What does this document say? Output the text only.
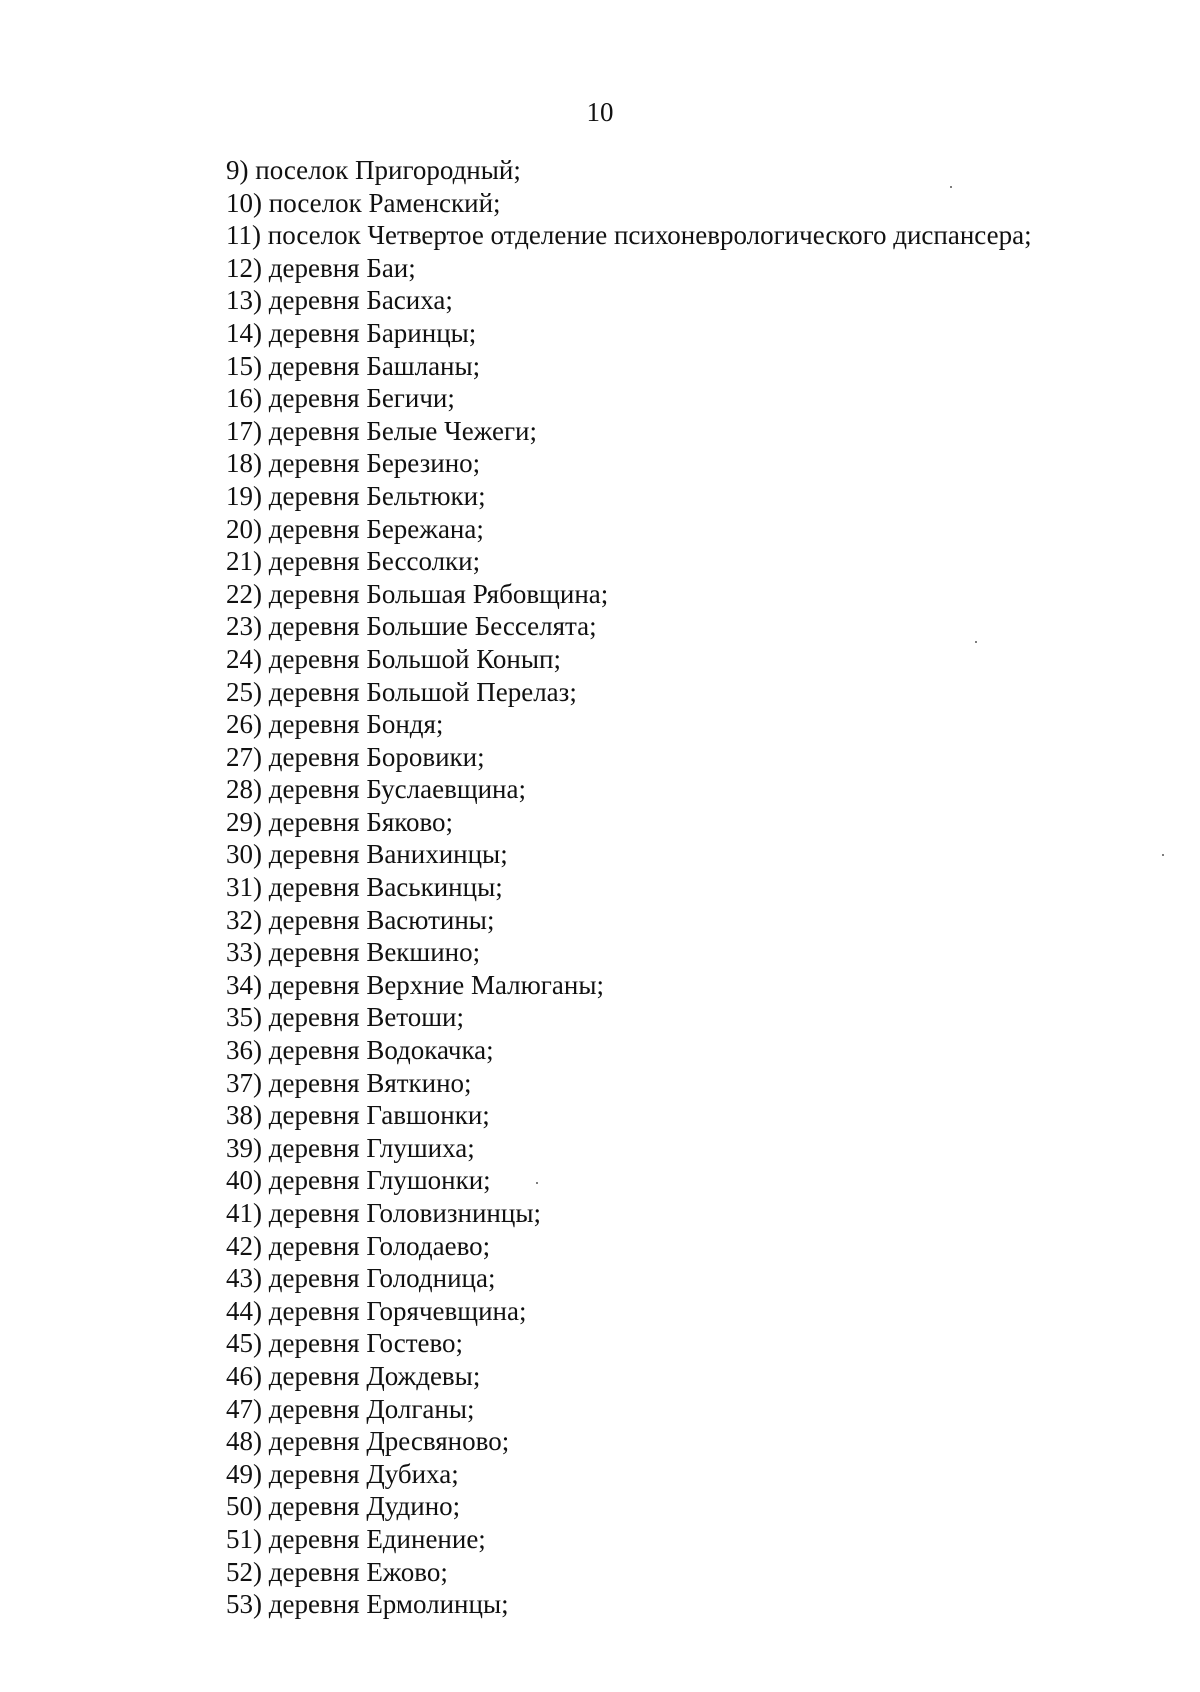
10
9) поселок Пригородный;
10) поселок Раменский;
11) поселок Четвертое отделение психоневрологического диспансера;
12) деревня Баи;
13) деревня Басиха;
14) деревня Баринцы;
15) деревня Башланы;
16) деревня Бегичи;
17) деревня Белые Чежеги;
18) деревня Березино;
19) деревня Бельтюки;
20) деревня Бережана;
21) деревня Бессолки;
22) деревня Большая Рябовщина;
23) деревня Большие Бесселята;
24) деревня Большой Конып;
25) деревня Большой Перелаз;
26) деревня Бондя;
27) деревня Боровики;
28) деревня Буслаевщина;
29) деревня Бяково;
30) деревня Ванихинцы;
31) деревня Васькинцы;
32) деревня Васютины;
33) деревня Векшино;
34) деревня Верхние Малюганы;
35) деревня Ветоши;
36) деревня Водокачка;
37) деревня Вяткино;
38) деревня Гавшонки;
39) деревня Глушиха;
40) деревня Глушонки;
41) деревня Головизнинцы;
42) деревня Голодаево;
43) деревня Голодница;
44) деревня Горячевщина;
45) деревня Гостево;
46) деревня Дождевы;
47) деревня Долганы;
48) деревня Дресвяново;
49) деревня Дубиха;
50) деревня Дудино;
51) деревня Единение;
52) деревня Ежово;
53) деревня Ермолинцы;
